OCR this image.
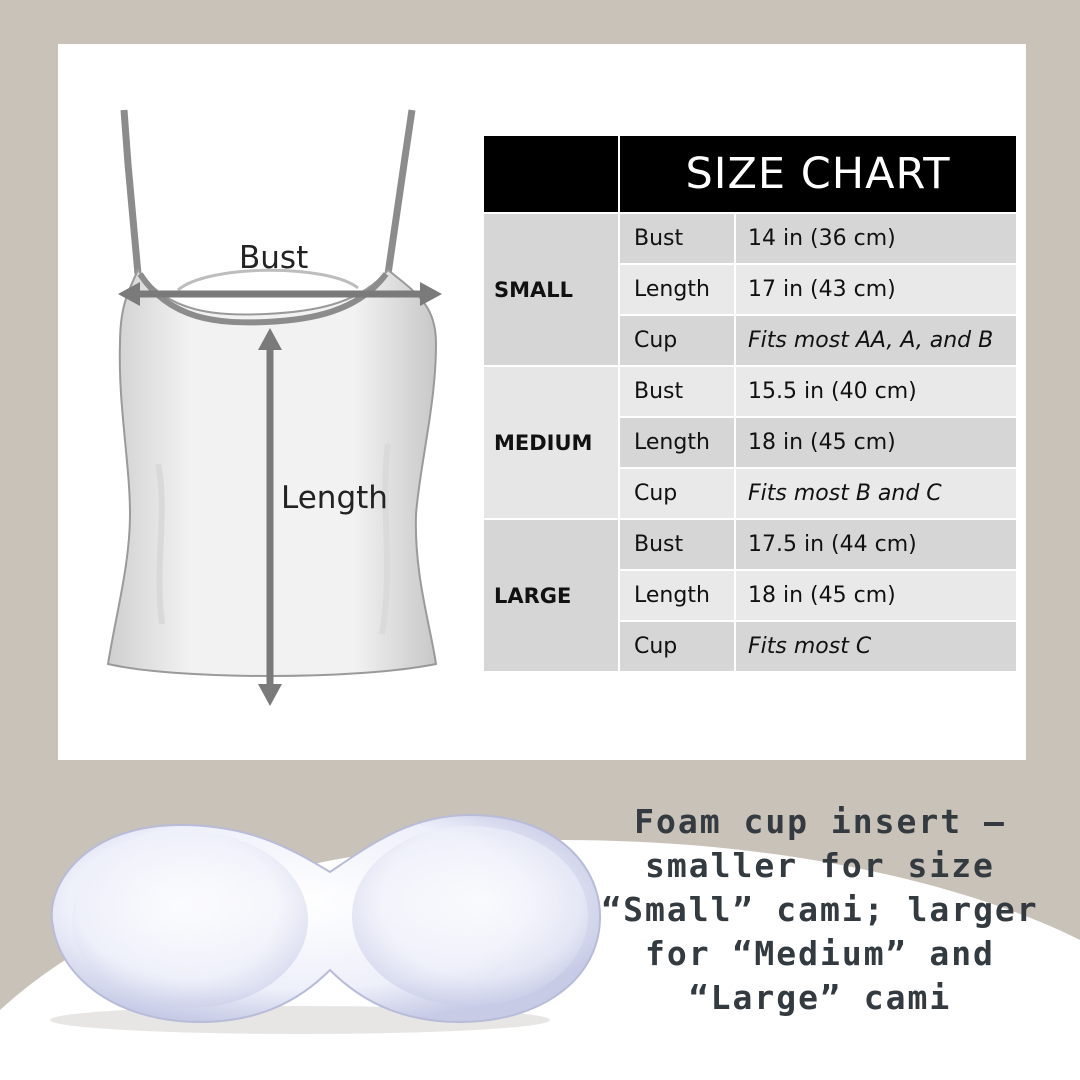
Bust
Length
	SIZE CHART	
SMALL	Bust	14 in (36 cm)
	Length	17 in (43 cm)
	Cup	Fits most AA, A, and B
MEDIUM	Bust	15.5 in (40 cm)
	Length	18 in (45 cm)
	Cup	Fits most B and C
LARGE	Bust	17.5 in (44 cm)
	Length	18 in (45 cm)
	Cup	Fits most C
Foam cup insert –
smaller for size
“Small” cami; larger
for “Medium” and
“Large” cami
